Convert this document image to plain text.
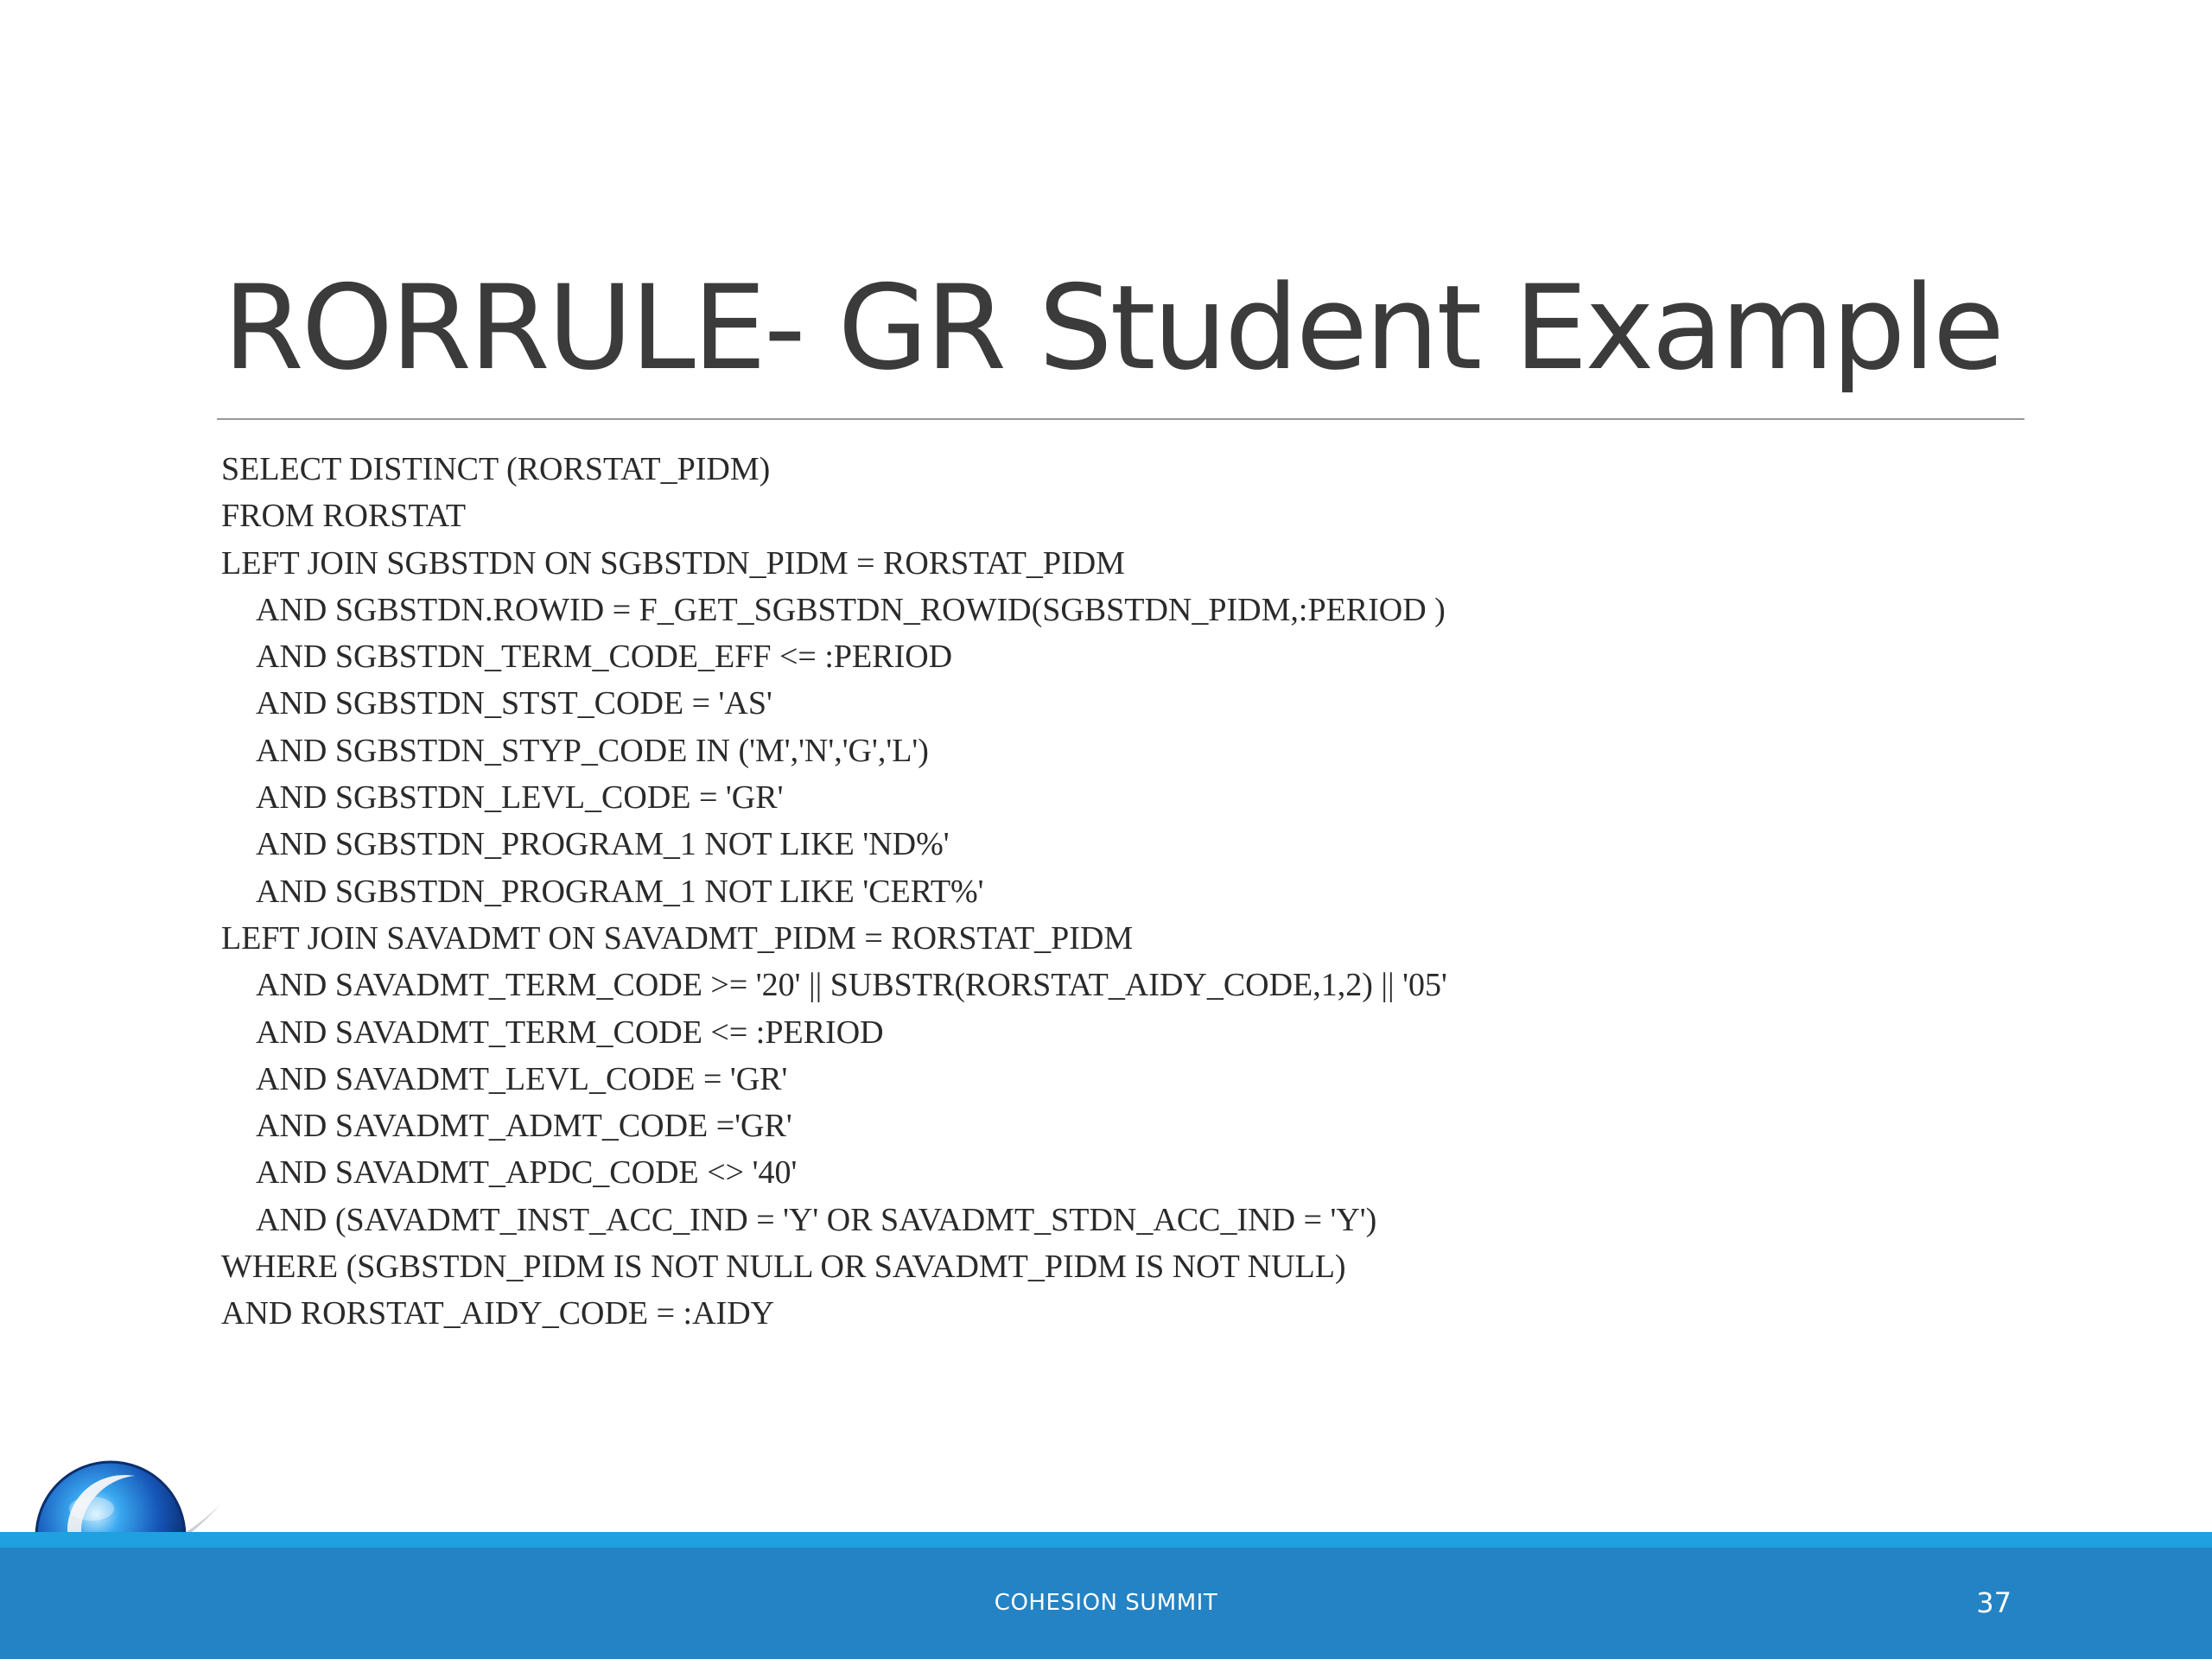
RORRULE- GR Student Example
SELECT DISTINCT (RORSTAT_PIDM)
FROM RORSTAT
LEFT JOIN SGBSTDN ON SGBSTDN_PIDM = RORSTAT_PIDM
AND SGBSTDN.ROWID = F_GET_SGBSTDN_ROWID(SGBSTDN_PIDM,:PERIOD )
AND SGBSTDN_TERM_CODE_EFF <= :PERIOD
AND SGBSTDN_STST_CODE = 'AS'
AND SGBSTDN_STYP_CODE IN ('M','N','G','L')
AND SGBSTDN_LEVL_CODE = 'GR'
AND SGBSTDN_PROGRAM_1 NOT LIKE 'ND%'
AND SGBSTDN_PROGRAM_1 NOT LIKE 'CERT%'
LEFT JOIN SAVADMT ON SAVADMT_PIDM = RORSTAT_PIDM
AND SAVADMT_TERM_CODE >= '20' || SUBSTR(RORSTAT_AIDY_CODE,1,2) || '05'
AND SAVADMT_TERM_CODE <= :PERIOD
AND SAVADMT_LEVL_CODE = 'GR'
AND SAVADMT_ADMT_CODE ='GR'
AND SAVADMT_APDC_CODE <> '40'
AND (SAVADMT_INST_ACC_IND = 'Y' OR SAVADMT_STDN_ACC_IND = 'Y')
WHERE (SGBSTDN_PIDM IS NOT NULL OR SAVADMT_PIDM IS NOT NULL)
AND RORSTAT_AIDY_CODE = :AIDY
COHESION SUMMIT	37
